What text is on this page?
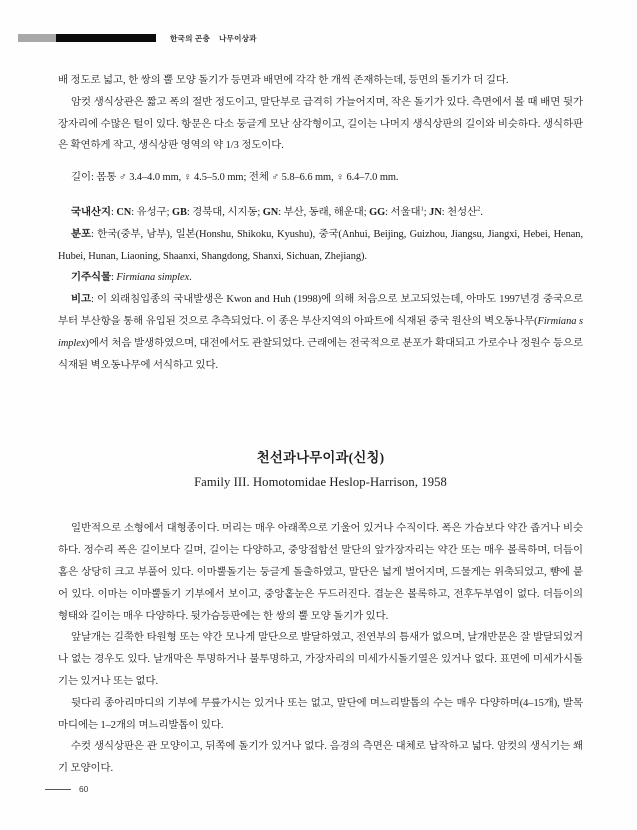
한국의 곤충 나무이상과

배 정도로 넓고, 한 쌍의 뿔 모양 돌기가 등면과 배면에 각각 한 개씩 존재하는데, 등면의 돌기가 더 길다.

암컷 생식상관은 짧고 폭의 절반 정도이고, 말단부로 급격히 가늘어지며, 작은 돌기가 있다. 측면에서 볼 때 배면 뒷가장자리에 수많은 털이 있다. 항문은 다소 둥글게 모난 삼각형이고, 길이는 나머지 생식상판의 길이와 비슷하다. 생식하판은 확연하게 작고, 생식상판 영역의 약 1/3 정도이다.

길이: 몸통 ♂ 3.4–4.0 mm, ♀ 4.5–5.0 mm; 전체 ♂ 5.8–6.6 mm, ♀ 6.4–7.0 mm.

국내산지: CN: 유성구; GB: 경북대, 시지동; GN: 부산, 동래, 해운대; GG: 서울대$^1$; JN: 천성산$^2$.

분포: 한국(중부, 남부), 일본(Honshu, Shikoku, Kyushu), 중국(Anhui, Beijing, Guizhou, Jiangsu, Jiangxi, Hebei, Henan, Hubei, Hunan, Liaoning, Shaanxi, Shangdong, Shanxi, Sichuan, Zhejiang).

기주식물: Firmiana simplex.

비고: 이 외래침입종의 국내발생은 Kwon and Huh (1998)에 의해 처음으로 보고되었는데, 아마도 1997년경 중국으로부터 부산항을 통해 유입된 것으로 추측되었다. 이 종은 부산지역의 아파트에 식재된 중국 원산의 벽오동나무(Firmiana simplex)에서 처음 발생하였으며, 대전에서도 관찰되었다. 근래에는 전국적으로 분포가 확대되고 가로수나 정원수 등으로 식재된 벽오동나무에 서식하고 있다.

천선과나무이과(신칭)
Family III. Homotomidae Heslop-Harrison, 1958

일반적으로 소형에서 대형종이다. 머리는 매우 아래쪽으로 기울어 있거나 수직이다. 폭은 가슴보다 약간 좁거나 비슷하다. 정수리 폭은 길이보다 길며, 길이는 다양하고, 중앙접합선 말단의 앞가장자리는 약간 또는 매우 볼록하며, 더듬이 홈은 상당히 크고 부풀어 있다. 이마뿔돌기는 둥글게 돌출하였고, 말단은 넓게 벌어지며, 드물게는 위축되었고, 뺨에 붙어 있다. 이마는 이마뿔돌기 기부에서 보이고, 중앙홑눈은 두드러진다. 겹눈은 볼록하고, 전후두부엽이 없다. 더듬이의 형태와 길이는 매우 다양하다. 뒷가슴등판에는 한 쌍의 뿔 모양 돌기가 있다.

앞날개는 길쭉한 타원형 또는 약간 모나게 말단으로 발달하였고, 전연부의 틈새가 없으며, 날개반문은 잘 발달되었거나 없는 경우도 있다. 날개막은 투명하거나 불투명하고, 가장자리의 미세가시돌기열은 있거나 없다. 표면에 미세가시돌기는 있거나 또는 없다.

뒷다리 종아리마디의 기부에 무릎가시는 있거나 또는 없고, 말단에 며느리발톱의 수는 매우 다양하며(4–15개), 발목마디에는 1–2개의 며느리발톱이 있다.

수컷 생식상판은 관 모양이고, 뒤쪽에 돌기가 있거나 없다. 음경의 측면은 대체로 납작하고 넓다. 암컷의 생식기는 쐐기 모양이다.

60
